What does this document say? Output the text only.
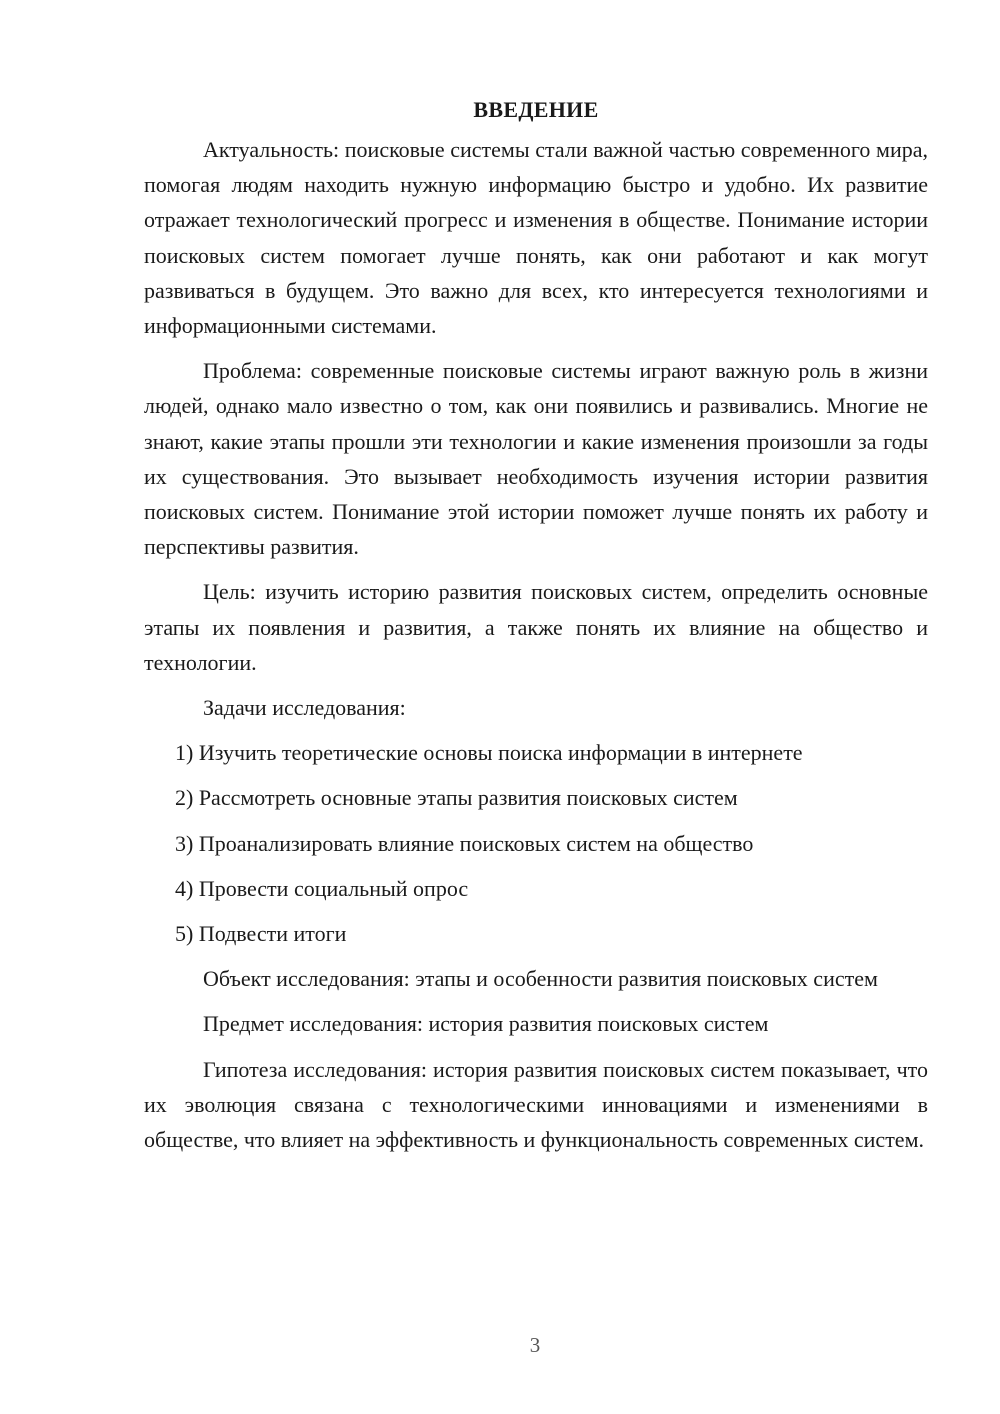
ВВЕДЕНИЕ

Актуальность: поисковые системы стали важной частью современного мира, помогая людям находить нужную информацию быстро и удобно. Их развитие отражает технологический прогресс и изменения в обществе. Понимание истории поисковых систем помогает лучше понять, как они работают и как могут развиваться в будущем. Это важно для всех, кто интересуется технологиями и информационными системами.

Проблема: современные поисковые системы играют важную роль в жизни людей, однако мало известно о том, как они появились и развивались. Многие не знают, какие этапы прошли эти технологии и какие изменения произошли за годы их существования. Это вызывает необходимость изучения истории развития поисковых систем. Понимание этой истории поможет лучше понять их работу и перспективы развития.

Цель: изучить историю развития поисковых систем, определить основные этапы их появления и развития, а также понять их влияние на общество и технологии.

Задачи исследования:

1) Изучить теоретические основы поиска информации в интернете
2) Рассмотреть основные этапы развития поисковых систем
3) Проанализировать влияние поисковых систем на общество
4) Провести социальный опрос
5) Подвести итоги

Объект исследования: этапы и особенности развития поисковых систем

Предмет исследования: история развития поисковых систем

Гипотеза исследования: история развития поисковых систем показывает, что их эволюция связана с технологическими инновациями и изменениями в обществе, что влияет на эффективность и функциональность современных систем.

3
